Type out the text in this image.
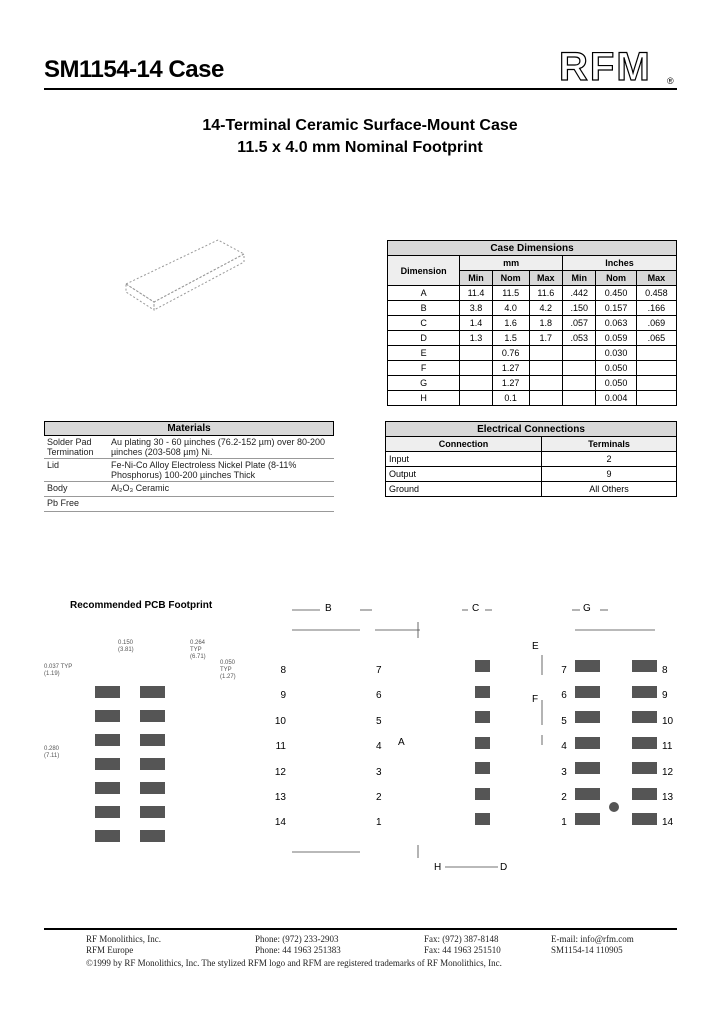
SM1154-14 Case	RFM ®
14-Terminal Ceramic Surface-Mount Case
11.5 x 4.0 mm Nominal Footprint
Case Dimensions						
Dimension	mm			Inches		
	Min	Nom	Max	Min	Nom	Max
A	11.4	11.5	11.6	.442	0.450	0.458
B	3.8	4.0	4.2	.150	0.157	.166
C	1.4	1.6	1.8	.057	0.063	.069
D	1.3	1.5	1.7	.053	0.059	.065
E		0.76			0.030	
F		1.27			0.050	
G		1.27			0.050	
H		0.1			0.004	
Materials
Solder Pad Termination	Au plating 30 - 60 µinches (76.2-152 µm) over 80-200 µinches (203-508 µm) Ni.
Lid	Fe-Ni-Co Alloy Electroless Nickel Plate (8-11% Phosphorus) 100-200 µinches Thick
Body	Al₂O₃ Ceramic
Pb Free	
Electrical Connections	
Connection	Terminals
Input	2
Output	9
Ground	All Others
Recommended PCB Footprint
0.150 (3.81)
0.037 TYP (1.19)
0.264 TYP (6.71)
0.050 TYP (1.27)
0.280 (7.11)
B	C	G
A
E
F
H	D
8
9
10
11
12
13
14
7
6
5
4
3
2
1
7
6
5
4
3
2
1
8
9
10
11
12
13
14
RF Monolithics, Inc.
RFM Europe
Phone: (972) 233-2903
Phone: 44 1963 251383
Fax: (972) 387-8148
Fax: 44 1963 251510
E-mail: info@rfm.com
SM1154-14 110905
©1999 by RF Monolithics, Inc. The stylized RFM logo and RFM are registered trademarks of RF Monolithics, Inc.
